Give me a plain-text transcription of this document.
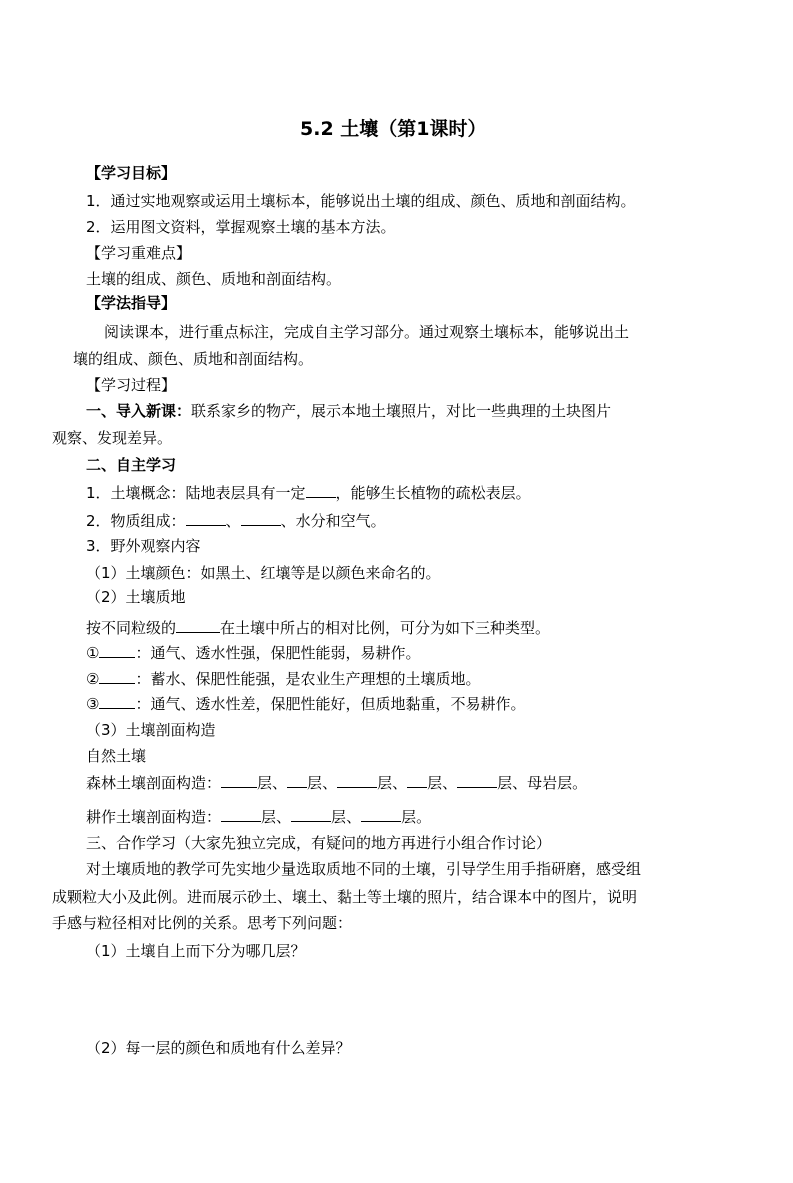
5.2 土壤（第1课时）
【学习目标】
1．通过实地观察或运用土壤标本，能够说出土壤的组成、颜色、质地和剖面结构。
2．运用图文资料，掌握观察土壤的基本方法。
【学习重难点】
土壤的组成、颜色、质地和剖面结构。
【学法指导】
阅读课本，进行重点标注，完成自主学习部分。通过观察土壤标本，能够说出土
壤的组成、颜色、质地和剖面结构。
【学习过程】
一、导入新课：联系家乡的物产，展示本地土壤照片，对比一些典理的土块图片
观察、发现差异。
二、自主学习
1．土壤概念：陆地表层具有一定 ，能够生长植物的疏松表层。
2．物质组成：	、	、水分和空气。
3．野外观察内容
（1）土壤颜色：如黑土、红壤等是以颜色来命名的。
（2）土壤质地
按不同粒级的	在土壤中所占的相对比例，可分为如下三种类型。
① ：通气、透水性强，保肥性能弱，易耕作。
② ：蓄水、保肥性能强，是农业生产理想的土壤质地。
③ ：通气、透水性差，保肥性能好，但质地黏重，不易耕作。
（3）土壤剖面构造
自然土壤
森林土壤剖面构造： 层、 层、	层、 层、	层、母岩层。
耕作土壤剖面构造：	层、	层、	层。
三、合作学习（大家先独立完成，有疑问的地方再进行小组合作讨论）
对土壤质地的教学可先实地少量选取质地不同的土壤，引导学生用手指研磨，感受组
成颗粒大小及此例。进而展示砂土、壤土、黏土等土壤的照片，结合课本中的图片，说明
手感与粒径相对比例的关系。思考下列问题：
（1）土壤自上而下分为哪几层？
（2）每一层的颜色和质地有什么差异？
